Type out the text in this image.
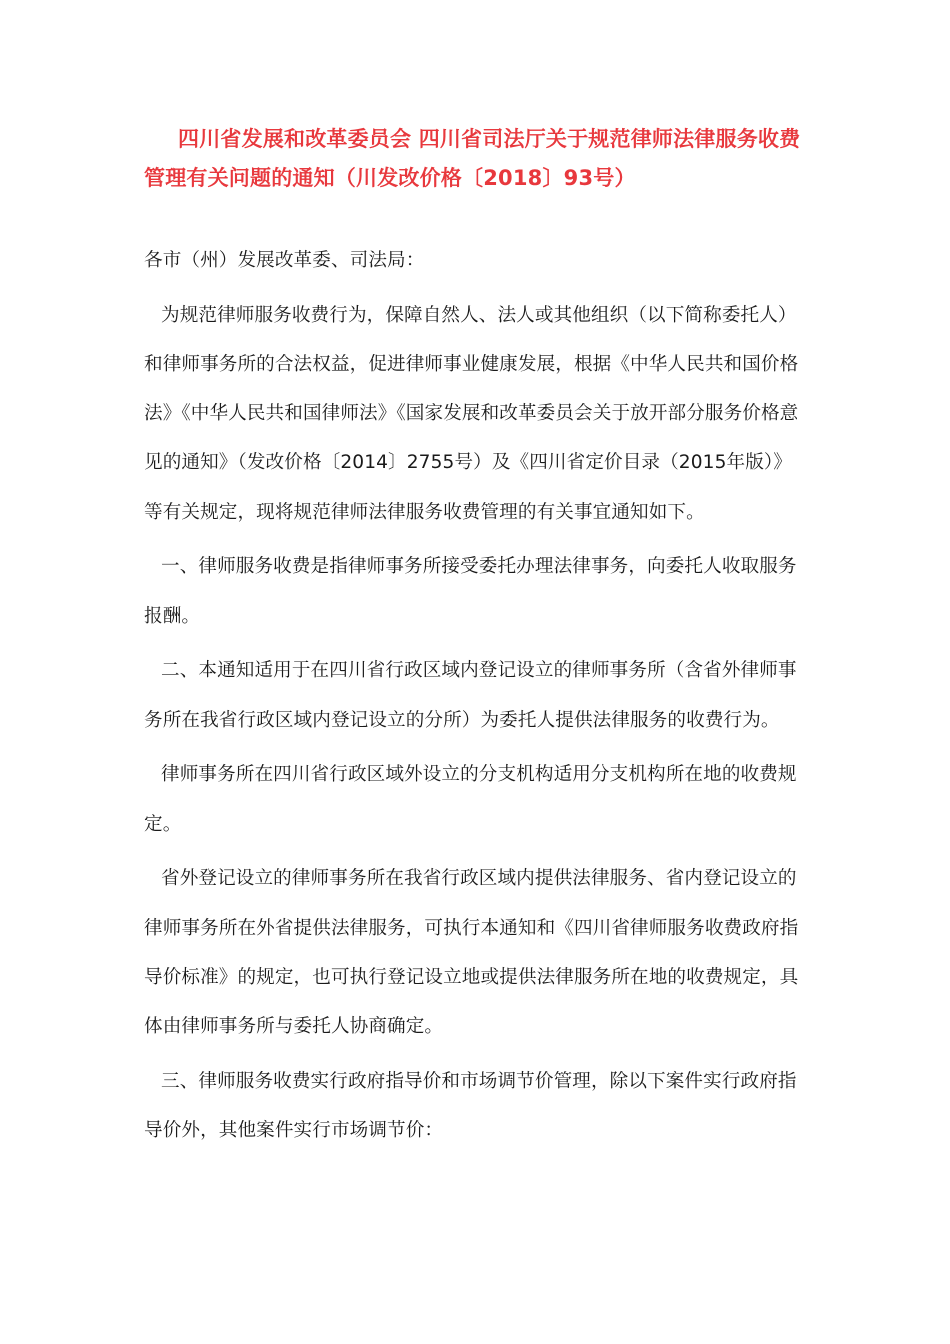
四川省发展和改革委员会 四川省司法厅关于规范律师法律服务收费管理有关问题的通知（川发改价格〔2018〕93号）

各市（州）发展改革委、司法局：

为规范律师服务收费行为，保障自然人、法人或其他组织（以下简称委托人）和律师事务所的合法权益，促进律师事业健康发展，根据《中华人民共和国价格法》《中华人民共和国律师法》《国家发展和改革委员会关于放开部分服务价格意见的通知》（发改价格〔2014〕2755号）及《四川省定价目录（2015年版）》等有关规定，现将规范律师法律服务收费管理的有关事宜通知如下。

一、律师服务收费是指律师事务所接受委托办理法律事务，向委托人收取服务报酬。

二、本通知适用于在四川省行政区域内登记设立的律师事务所（含省外律师事务所在我省行政区域内登记设立的分所）为委托人提供法律服务的收费行为。

律师事务所在四川省行政区域外设立的分支机构适用分支机构所在地的收费规定。

省外登记设立的律师事务所在我省行政区域内提供法律服务、省内登记设立的律师事务所在外省提供法律服务，可执行本通知和《四川省律师服务收费政府指导价标准》的规定，也可执行登记设立地或提供法律服务所在地的收费规定，具体由律师事务所与委托人协商确定。

三、律师服务收费实行政府指导价和市场调节价管理，除以下案件实行政府指导价外，其他案件实行市场调节价：
